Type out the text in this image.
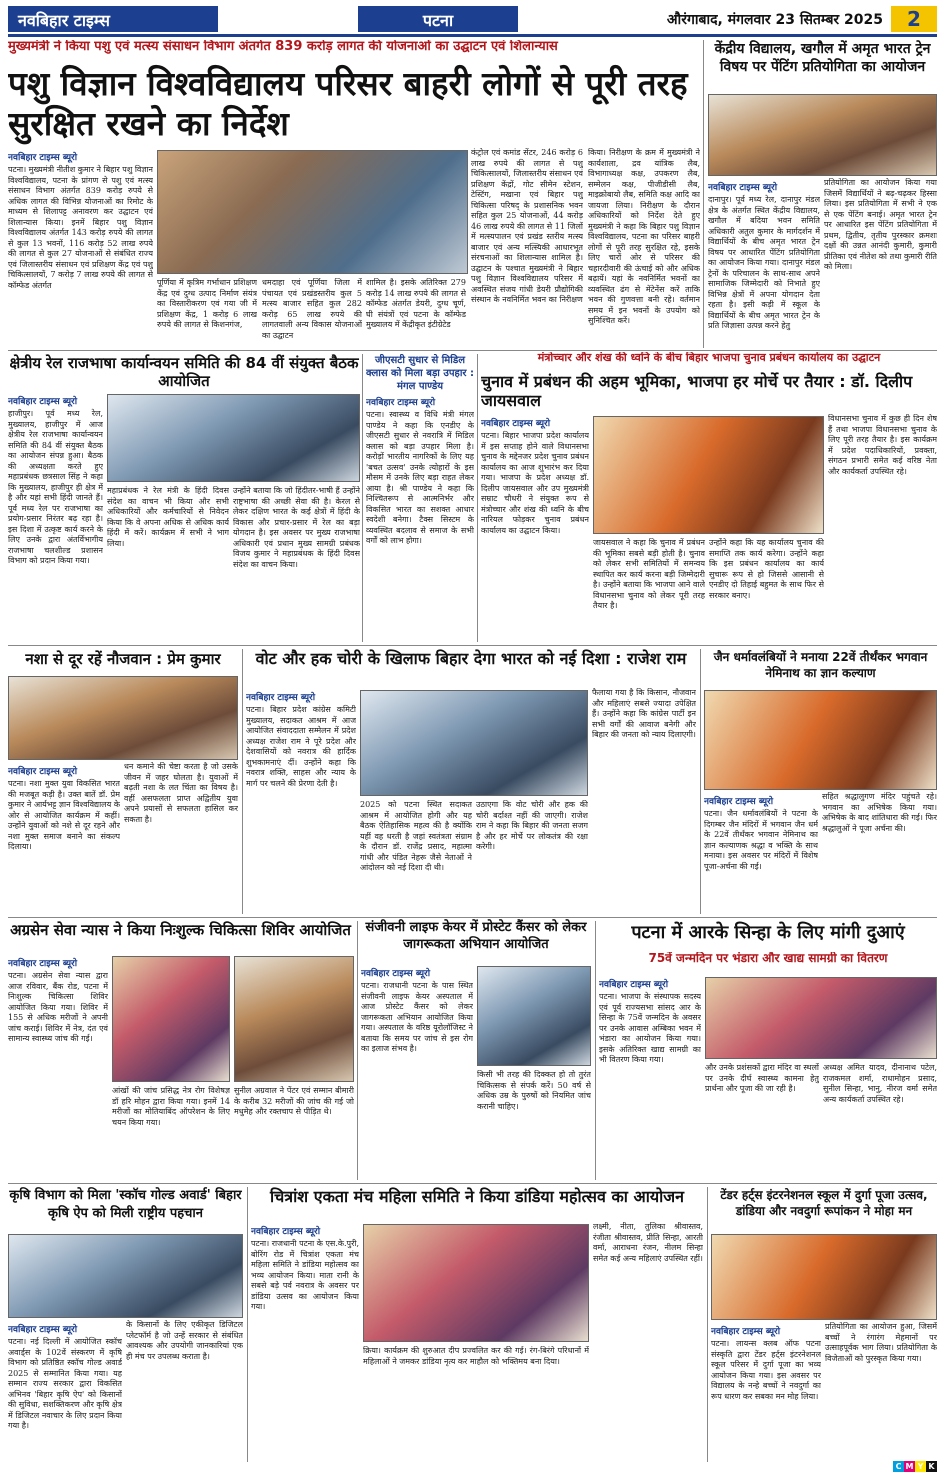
नवबिहार टाइम्स	पटना	औरंगाबाद, मंगलवार 23 सितम्बर 2025	2
मुख्यमंत्री ने किया पशु एवं मत्स्य संसाधन विभाग अंतर्गत 839 करोड़ लागत की योजनाओं का उद्घाटन एवं शिलान्यास
पशु विज्ञान विश्वविद्यालय परिसर बाहरी लोगों से पूरी तरह सुरक्षित रखने का निर्देश
नवबिहार टाइम्स ब्यूरो
पटना। मुख्यमंत्री नीतीश कुमार ने बिहार पशु विज्ञान विश्वविद्यालय, पटना के प्रांगण से पशु एवं मत्स्य संसाधन विभाग अंतर्गत 839 करोड़ रुपये से अधिक लागत की विभिन्न योजनाओं का रिमोट के माध्यम से शिलापट्ट अनावरण कर उद्घाटन एवं शिलान्यास किया। इनमें बिहार पशु विज्ञान विश्वविद्यालय अंतर्गत 143 करोड़ रुपये की लागत से कुल 13 भवनों, 116 करोड़ 52 लाख रुपये की लागत से कुल 27 योजनाओं से संबंधित राज्य एवं जिलास्तरीय संसाधन एवं प्रशिक्षण केंद्र एवं पशु चिकित्सालयों, 7 करोड़ 7 लाख रुपये की लागत से कॉम्फेड अंतर्गत	पूर्णिया में कृत्रिम गर्भाधान प्रशिक्षण केंद्र एवं दुग्ध उत्पाद निर्माण संयंत्र का विस्तारीकरण एवं गया जी में प्रशिक्षण केंद्र, 1 करोड़ 6 लाख रुपये की लागत से किशनगंज,
धमदाहा एवं पूर्णिया जिला में पंचायत एवं प्रखंडस्तरीय कुल 5 मत्स्य बाजार सहित कुल 282 करोड़ 65 लाख रुपये की लागतवाली अन्य विकास योजनाओं का उद्घाटन
शामिल है। इसके अतिरिक्त 279 करोड़ 14 लाख रुपये की लागत से कॉम्फेड अंतर्गत डेयरी, दुग्ध चूर्ण, घी संयंत्रों एवं पटना के कॉम्फेड मुख्यालय में केंद्रीकृत इंटीग्रेटेड
कंट्रोल एवं कमांड सेंटर, 246 करोड़ 6 लाख रुपये की लागत से पशु चिकित्सालयों, जिलास्तरीय संसाधन एवं प्रशिक्षण केंद्रों, गोट सीमेन स्टेशन, टेस्टिंग, मखाना एवं बिहार पशु चिकित्सा परिषद् के प्रशासनिक भवन सहित कुल 25 योजनाओं, 44 करोड़ 46 लाख रुपये की लागत से 11 जिलों में मत्स्यपालन एवं प्रखंड स्तरीय मत्स्य बाजार एवं अन्य मत्स्यिकी आधारभूत संरचनाओं का शिलान्यास शामिल है। उद्घाटन के पश्चात मुख्यमंत्री ने बिहार पशु विज्ञान विश्वविद्यालय परिसर में अवस्थित संजय गांधी डेयरी प्रौद्योगिकी संस्थान के नवनिर्मित भवन का निरीक्षण
किया। निरीक्षण के क्रम में मुख्यमंत्री ने कार्यशाला, द्रव यांत्रिक लैब, विभागाध्यक्ष कक्ष, उपकरण लैब, सम्मेलन कक्ष, पीजीडीसी लैब, माइक्रोबायो लैब, समिति कक्ष आदि का जायजा लिया। निरीक्षण के दौरान अधिकारियों को निर्देश देते हुए मुख्यमंत्री ने कहा कि बिहार पशु विज्ञान विश्वविद्यालय, पटना का परिसर बाहरी लोगों से पूरी तरह सुरक्षित रहे, इसके लिए चारों ओर से परिसर की चहारदीवारी की ऊंचाई को और अधिक बढ़ायें। यहां के नवनिर्मित भवनों का व्यवस्थित ढंग से मेंटेनेंस करें ताकि भवन की गुणवत्ता बनी रहे। वर्तमान समय में इन भवनों के उपयोग को सुनिश्चित करें।
केंद्रीय विद्यालय, खगौल में अमृत भारत ट्रेन विषय पर पेंटिंग प्रतियोगिता का आयोजन
नवबिहार टाइम्स ब्यूरो
दानापुर। पूर्व मध्य रेल, दानापुर मंडल क्षेत्र के अंतर्गत स्थित केंद्रीय विद्यालय, खगौल में बदिया भवन समिति अधिकारी अतुल कुमार के मार्गदर्शन में विद्यार्थियों के बीच अमृत भारत ट्रेन विषय पर आधारित पेंटिंग प्रतियोगिता का आयोजन किया गया। दानापुर मंडल ट्रेनों के परिचालन के साथ-साथ अपने सामाजिक जिम्मेदारी को निभाते हुए विभिन्न क्षेत्रों में अपना योगदान देता रहता है। इसी कड़ी में स्कूल के विद्यार्थियों के बीच अमृत भारत ट्रेन के प्रति जिज्ञासा उत्पन्न करने हेतु
प्रतियोगिता का आयोजन किया गया जिसमें विद्यार्थियों ने बढ़-चढ़कर हिस्सा लिया। इस प्रतियोगिता में सभी ने एक से एक पेंटिंग बनाई। अमृत भारत ट्रेन पर आधारित इस पेंटिंग प्रतियोगिता में प्रथम, द्वितीय, तृतीय पुरस्कार क्रमशः दक्षों की उन्नत आनंदी कुमारी, कुमारी प्रीतिका एवं नीतेश को तथा कुमारी रीति को मिला।
क्षेत्रीय रेल राजभाषा कार्यान्वयन समिति की 84 वीं संयुक्त बैठक आयोजित
नवबिहार टाइम्स ब्यूरो
हाजीपुर। पूर्व मध्य रेल, मुख्यालय, हाजीपुर में आज क्षेत्रीय रेल राजभाषा कार्यान्वयन समिति की 84 वीं संयुक्त बैठक का आयोजन संपन्न हुआ। बैठक की अध्यक्षता करते हुए महाप्रबंधक छत्रसाल सिंह ने कहा कि मुख्यालय, हाजीपुर ही क्षेत्र में है और यहां सभी हिंदी जानते हैं। पूर्व मध्य रेल पर राजभाषा का प्रयोग-प्रसार निरंतर बढ़ रहा है। इस दिशा में उत्कृष्ट कार्य करने के लिए उनके द्वारा अंतर्विभागीय राजभाषा चलशील्ड प्रशासन विभाग को प्रदान किया गया।
महाप्रबंधक ने रेल मंत्री के हिंदी दिवस संदेश का वाचन भी किया और सभी अधिकारियों और कर्मचारियों से निवेदन किया कि वे अपना अधिक से अधिक कार्य हिंदी में करें। कार्यक्रम में सभी ने भाग लिया।
उन्होंने बताया कि जो हिंदीतर-भाषी हैं उन्होंने राष्ट्रभाषा की अच्छी सेवा की है। केरल से लेकर दक्षिण भारत के कई क्षेत्रों में हिंदी के विकास और प्रचार-प्रसार में रेल का बड़ा योगदान है। इस अवसर पर मुख्य राजभाषा अधिकारी एवं प्रधान मुख्य सामग्री प्रबंधक विजय कुमार ने महाप्रबंधक के हिंदी दिवस संदेश का वाचन किया।
जीएसटी सुधार से मिडिल क्लास को मिला बड़ा उपहार : मंगल पाण्डेय
नवबिहार टाइम्स ब्यूरो
पटना। स्वास्थ्य व विधि मंत्री मंगल पाण्डेय ने कहा कि एनडीए के जीएसटी सुधार से नवरात्रि में मिडिल क्लास को बड़ा उपहार मिला है। करोड़ों भारतीय नागरिकों के लिए यह 'बचत उत्सव' उनके त्योहारों के इस मौसम में उनके लिए बड़ा राहत लेकर आया है। श्री पाण्डेय ने कहा कि निश्चितरूप से आत्मनिर्भर और विकसित भारत का सशक्त आधार स्वदेशी बनेगा। टैक्स सिस्टम के व्यवस्थित बदलाव से समाज के सभी वर्गों को लाभ होगा।
मंत्रोच्चार और शंख की ध्वनि के बीच बिहार भाजपा चुनाव प्रबंधन कार्यालय का उद्घाटन
चुनाव में प्रबंधन की अहम भूमिका, भाजपा हर मोर्चे पर तैयार : डॉ. दिलीप जायसवाल
नवबिहार टाइम्स ब्यूरो
पटना। बिहार भाजपा प्रदेश कार्यालय में इस सप्ताह होने वाले विधानसभा चुनाव के मद्देनजर प्रदेश चुनाव प्रबंधन कार्यालय का आज शुभारंभ कर दिया गया। भाजपा के प्रदेश अध्यक्ष डॉ. दिलीप जायसवाल और उप मुख्यमंत्री सम्राट चौधरी ने संयुक्त रूप से मंत्रोच्चार और शंख की ध्वनि के बीच नारियल फोड़कर चुनाव प्रबंधन कार्यालय का उद्घाटन किया।
जायसवाल ने कहा कि चुनाव में प्रबंधन की भूमिका सबसे बड़ी होती है। चुनाव को लेकर सभी समितियों में समन्वय स्थापित कर कार्य करना बड़ी जिम्मेदारी है। उन्होंने बताया कि भाजपा आने वाले विधानसभा चुनाव को लेकर पूरी तरह तैयार है।
उन्होंने कहा कि यह कार्यालय चुनाव की समाप्ति तक कार्य करेगा। उन्होंने कहा कि इस प्रबंधन कार्यालय का कार्य सुचारू रूप से हो जिससे आसानी से एनडीए दो तिहाई बहुमत के साथ फिर से सरकार बनाए।
विधानसभा चुनाव में कुछ ही दिन शेष हैं तथा भाजपा विधानसभा चुनाव के लिए पूरी तरह तैयार है। इस कार्यक्रम में प्रदेश पदाधिकारियों, प्रवक्ता, संगठन प्रभारी समेत कई वरिष्ठ नेता और कार्यकर्ता उपस्थित रहे।
नशा से दूर रहें नौजवान : प्रेम कुमार
नवबिहार टाइम्स ब्यूरो
पटना। नशा मुक्त युवा विकसित भारत की मजबूत कड़ी है। उक्त बातें डॉ. प्रेम कुमार ने आर्यभट्ट ज्ञान विश्वविद्यालय के ओर से आयोजित कार्यक्रम में कहीं। उन्होंने युवाओं को नशे से दूर रहने और नशा मुक्त समाज बनाने का संकल्प दिलाया।
धन कमाने की चेष्टा करता है जो उसके जीवन में जहर घोलता है। युवाओं में बढ़ती नशा के लत चिंता का विषय है। वहीं असफलता प्राप्त अद्वितीय युवा अपने प्रयासों से सफलता हासिल कर सकता है।
वोट और हक चोरी के खिलाफ बिहार देगा भारत को नई दिशा : राजेश राम
नवबिहार टाइम्स ब्यूरो
पटना। बिहार प्रदेश कांग्रेस कमिटी मुख्यालय, सदाकत आश्रम में आज आयोजित संवाददाता सम्मेलन में प्रदेश अध्यक्ष राजेश राम ने पूरे प्रदेश और देशवासियों को नवरात्र की हार्दिक शुभकामनाएं दीं। उन्होंने कहा कि नवरात्र शक्ति, साहस और न्याय के मार्ग पर चलने की प्रेरणा देती है।
2025 को पटना स्थित सदाकत आश्रम में आयोजित होगी और यह बैठक ऐतिहासिक महत्व की है क्योंकि यहीं वह धरती है जहां स्वतंत्रता संग्राम के दौरान डॉ. राजेंद्र प्रसाद, महात्मा गांधी और पंडित नेहरू जैसे नेताओं ने आंदोलन को नई दिशा दी थी।
उठाएगा कि वोट चोरी और हक की चोरी बर्दाश्त नहीं की जाएगी। राजेश राम ने कहा कि बिहार की जनता सजग है और हर मोर्चे पर लोकतंत्र की रक्षा करेगी।
फैलाया गया है कि किसान, नौजवान और महिलाएं सबसे ज्यादा उपेक्षित हैं। उन्होंने कहा कि कांग्रेस पार्टी इन सभी वर्गों की आवाज बनेगी और बिहार की जनता को न्याय दिलाएगी।
जैन धर्मावलंबियों ने मनाया 22वें तीर्थंकर भगवान नेमिनाथ का ज्ञान कल्याण
नवबिहार टाइम्स ब्यूरो
पटना। जैन धर्मावलंबियों ने पटना के दिगम्बर जैन मंदिरों में भगवान जैन धर्म के 22वें तीर्थंकर भगवान नेमिनाथ का ज्ञान कल्याणक श्रद्धा व भक्ति के साथ मनाया। इस अवसर पर मंदिरों में विशेष पूजा-अर्चना की गई।
सहित श्रद्धालुगण मंदिर पहुंचते रहे। भगवान का अभिषेक किया गया। अभिषेक के बाद शांतिधारा की गई। फिर श्रद्धालुओं ने पूजा अर्चना की।
अग्रसेन सेवा न्यास ने किया निःशुल्क चिकित्सा शिविर आयोजित
नवबिहार टाइम्स ब्यूरो
पटना। अग्रसेन सेवा न्यास द्वारा आज रविवार, बैंक रोड, पटना में निःशुल्क चिकित्सा शिविर आयोजित किया गया। शिविर में 155 से अधिक मरीजों ने अपनी जांच कराई। शिविर में नेत्र, दंत एवं सामान्य स्वास्थ्य जांच की गई।
आंखों की जांच प्रसिद्ध नेत्र रोग विशेषज्ञ डॉ हरि मोहन द्वारा किया गया। इनमें 14 मरीजों का मोतियाबिंद ऑपरेशन के लिए चयन किया गया।
सुनील अग्रवाल ने पेंटर एवं सम्मान बीमारी के करीब 32 मरीजों की जांच की गई जो मधुमेह और रक्तचाप से पीड़ित थे।
संजीवनी लाइफ केयर में प्रोस्टेट कैंसर को लेकर जागरूकता अभियान आयोजित
नवबिहार टाइम्स ब्यूरो
पटना। राजधानी पटना के पास स्थित संजीवनी लाइफ केयर अस्पताल में आज प्रोस्टेट कैंसर को लेकर जागरूकता अभियान आयोजित किया गया। अस्पताल के वरिष्ठ यूरोलॉजिस्ट ने बताया कि समय पर जांच से इस रोग का इलाज संभव है।
किसी भी तरह की दिक्कत हो तो तुरंत चिकित्सक से संपर्क करें। 50 वर्ष से अधिक उम्र के पुरुषों को नियमित जांच करानी चाहिए।
पटना में आरके सिन्हा के लिए मांगी दुआएं
75वें जन्मदिन पर भंडारा और खाद्य सामग्री का वितरण
नवबिहार टाइम्स ब्यूरो
पटना। भाजपा के संस्थापक सदस्य एवं पूर्व राज्यसभा सांसद आर के सिन्हा के 75वें जन्मदिन के अवसर पर उनके आवास अम्बिका भवन में भंडारा का आयोजन किया गया। इसके अतिरिक्त खाद्य सामग्री का भी वितरण किया गया।
और उनके प्रशंसकों द्वारा मंदिर वा स्थलों पर उनके दीर्घ स्वास्थ्य कामना हेतु प्रार्थना और पूजा की जा रही है।
अध्यक्ष अमित यादव, दीनानाथ पटेल, राजकमल शर्मा, राधामोहन प्रसाद, सुनील सिन्हा, भानु, नीरज वर्मा समेत अन्य कार्यकर्ता उपस्थित रहे।
कृषि विभाग को मिला 'स्कॉच गोल्ड अवार्ड' बिहार कृषि ऐप को मिली राष्ट्रीय पहचान
नवबिहार टाइम्स ब्यूरो
पटना। नई दिल्ली में आयोजित स्कॉच अवार्ड्स के 102वें संस्करण में कृषि विभाग को प्रतिष्ठित स्कॉच गोल्ड अवार्ड 2025 से सम्मानित किया गया। यह सम्मान राज्य सरकार द्वारा विकसित अभिनव 'बिहार कृषि ऐप' को किसानों की सुविधा, सशक्तिकरण और कृषि क्षेत्र में डिजिटल नवाचार के लिए प्रदान किया गया है।
के किसानों के लिए एकीकृत डिजिटल प्लेटफॉर्म है जो उन्हें सरकार से संबंधित आवश्यक और उपयोगी जानकारियां एक ही मंच पर उपलब्ध कराता है।
चित्रांश एकता मंच महिला समिति ने किया डांडिया महोत्सव का आयोजन
नवबिहार टाइम्स ब्यूरो
पटना। राजधानी पटना के एस.के.पुरी, बोरिंग रोड में चित्रांश एकता मंच महिला समिति ने डांडिया महोत्सव का भव्य आयोजन किया। माता रानी के सबसे बड़े पर्व नवरात्र के अवसर पर डांडिया उत्सव का आयोजन किया गया।
क्रिया। कार्यक्रम की शुरुआत दीप प्रज्वलित कर की गई। रंग-बिरंगे परिधानों में महिलाओं ने जमकर डांडिया नृत्य कर माहौल को भक्तिमय बना दिया।
लक्ष्मी, नीता, तुलिका श्रीवास्तव, रंजीता श्रीवास्तव, प्रीति सिन्हा, आरती वर्मा, आराधना रंजन, नीलम सिन्हा समेत कई अन्य महिलाएं उपस्थित रहीं।
टेंडर हर्ट्स इंटरनेशनल स्कूल में दुर्गा पूजा उत्सव, डांडिया और नवदुर्गा रूपांकन ने मोहा मन
नवबिहार टाइम्स ब्यूरो
पटना। लायन्स क्लब ऑफ पटना संस्कृति द्वारा टेंडर हर्ट्स इंटरनेशनल स्कूल परिसर में दुर्गा पूजा का भव्य आयोजन किया गया। इस अवसर पर विद्यालय के नन्हे बच्चों ने नवदुर्गा का रूप धारण कर सबका मन मोह लिया।
प्रतियोगिता का आयोजन हुआ, जिसमें बच्चों ने रंगारंग मेहमानों पर उत्साहपूर्वक भाग लिया। प्रतियोगिता के विजेताओं को पुरस्कृत किया गया।
C M Y K
